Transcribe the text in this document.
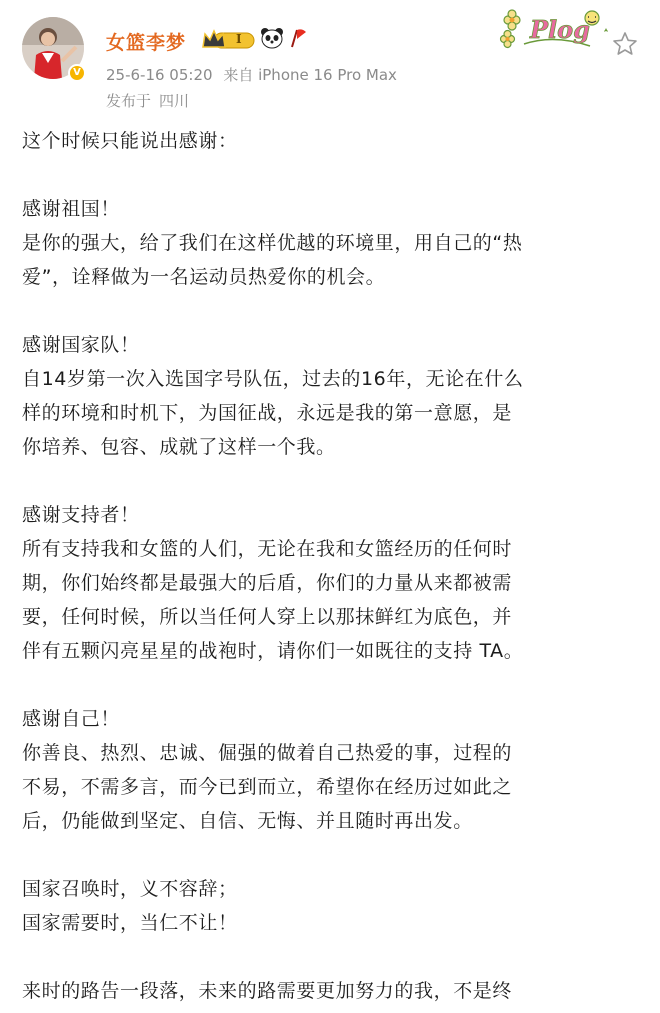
V
女篮李梦	I
25-6-16 05:20 来自 iPhone 16 Pro Max
发布于 四川
Plog

这个时候只能说出感谢：

感谢祖国！

是你的强大，给了我们在这样优越的环境里，用自己的“热

爱”，诠释做为一名运动员热爱你的机会。

感谢国家队！

自14岁第一次入选国字号队伍，过去的16年，无论在什么

样的环境和时机下，为国征战，永远是我的第一意愿，是

你培养、包容、成就了这样一个我。

感谢支持者！

所有支持我和女篮的人们，无论在我和女篮经历的任何时

期，你们始终都是最强大的后盾，你们的力量从来都被需

要，任何时候，所以当任何人穿上以那抹鲜红为底色，并

伴有五颗闪亮星星的战袍时，请你们一如既往的支持 TA。

感谢自己！

你善良、热烈、忠诚、倔强的做着自己热爱的事，过程的

不易，不需多言，而今已到而立，希望你在经历过如此之

后，仍能做到坚定、自信、无悔、并且随时再出发。

国家召唤时，义不容辞；

国家需要时，当仁不让！

来时的路告一段落，未来的路需要更加努力的我，不是终
